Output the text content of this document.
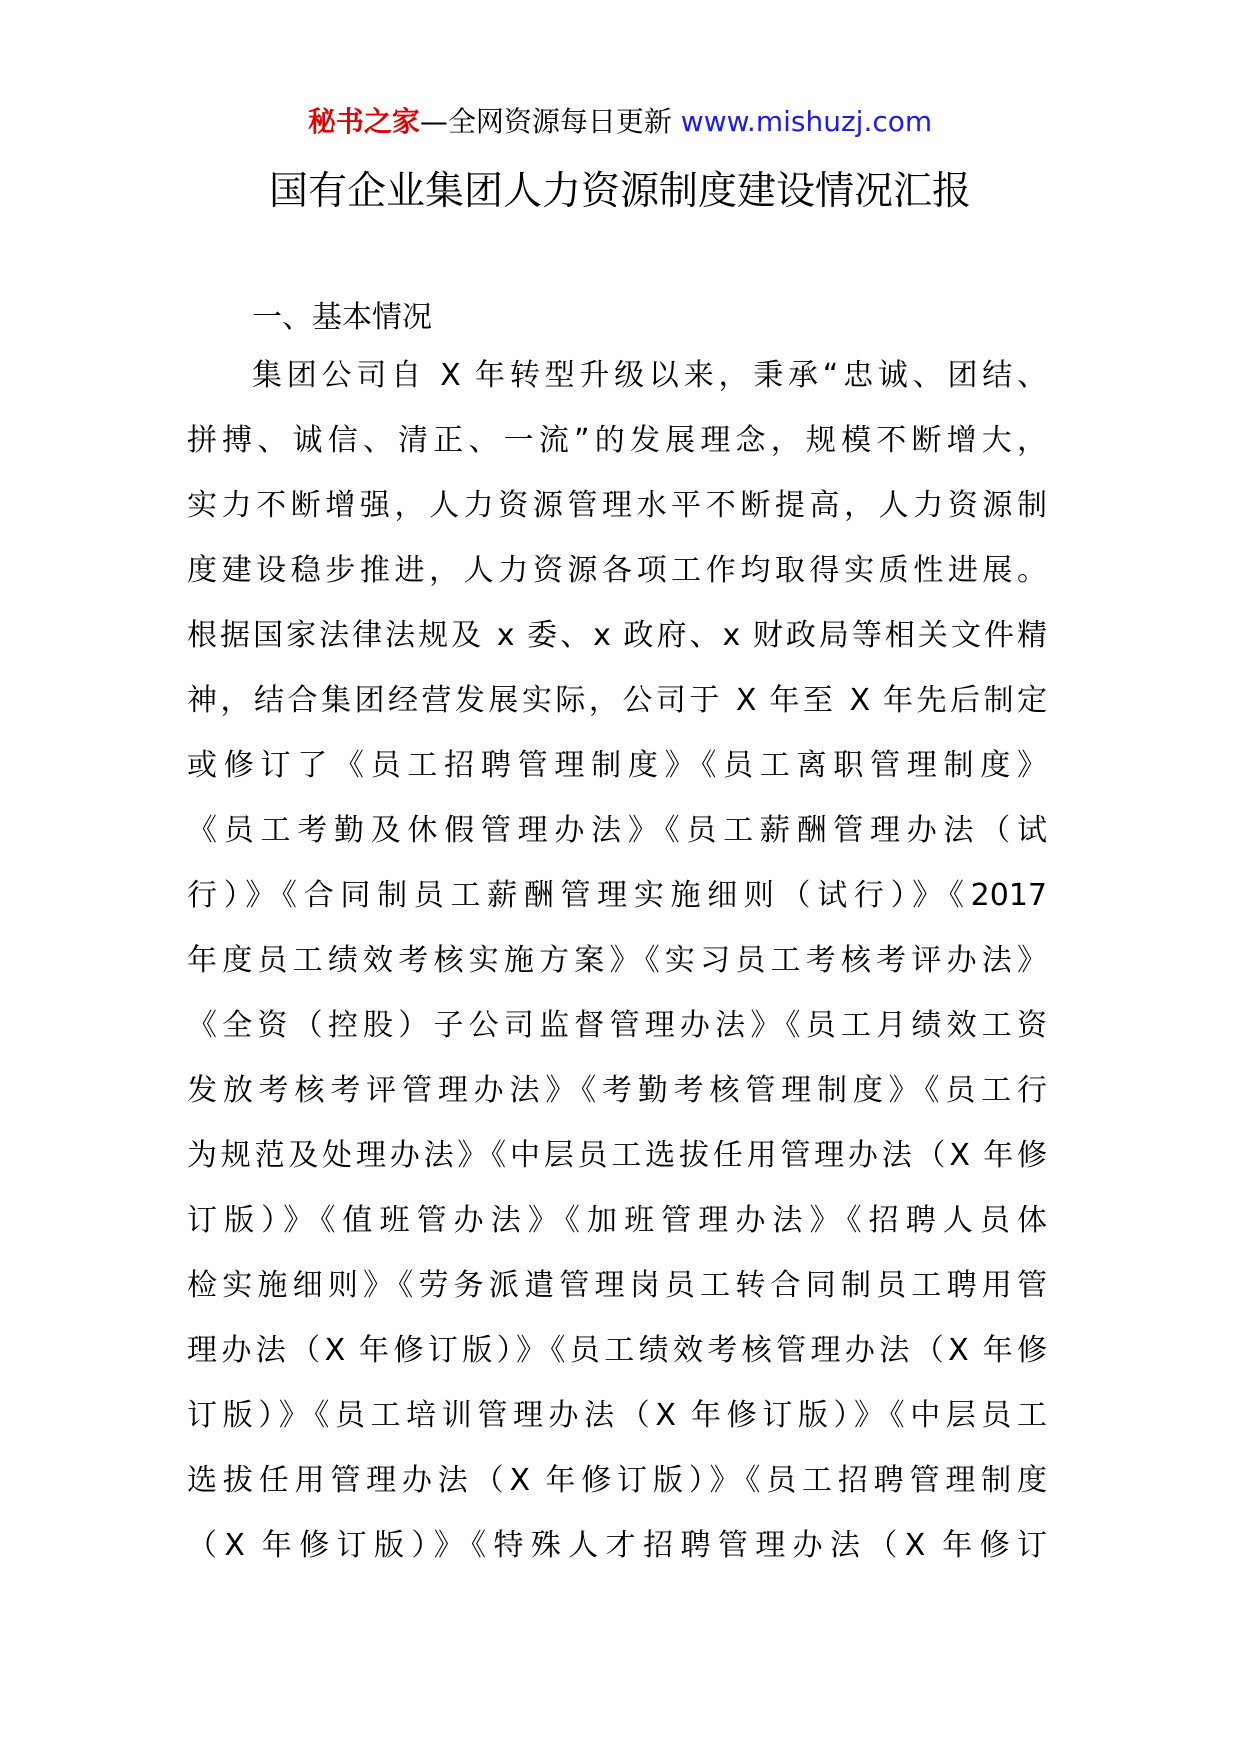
秘书之家—全网资源每日更新 www.mishuzj.com
国有企业集团人力资源制度建设情况汇报
一、基本情况
集团公司自 X 年转型升级以来，秉承“忠诚、团结、
拼搏、诚信、清正、一流”的发展理念，规模不断增大，
实力不断增强，人力资源管理水平不断提高，人力资源制
度建设稳步推进，人力资源各项工作均取得实质性进展。
根据国家法律法规及 x 委、x 政府、x 财政局等相关文件精
神，结合集团经营发展实际，公司于 X 年至 X 年先后制定
或修订了《员工招聘管理制度》《员工离职管理制度》
《员工考勤及休假管理办法》《员工薪酬管理办法（试
行）》《合同制员工薪酬管理实施细则（试行）》《2017
年度员工绩效考核实施方案》《实习员工考核考评办法》
《全资（控股）子公司监督管理办法》《员工月绩效工资
发放考核考评管理办法》《考勤考核管理制度》《员工行
为规范及处理办法》《中层员工选拔任用管理办法（X 年修
订版）》《值班管办法》《加班管理办法》《招聘人员体
检实施细则》《劳务派遣管理岗员工转合同制员工聘用管
理办法（X 年修订版）》《员工绩效考核管理办法（X 年修
订版）》《员工培训管理办法（X 年修订版）》《中层员工
选拔任用管理办法（X 年修订版）》《员工招聘管理制度
（X 年修订版）》《特殊人才招聘管理办法（X 年修订
